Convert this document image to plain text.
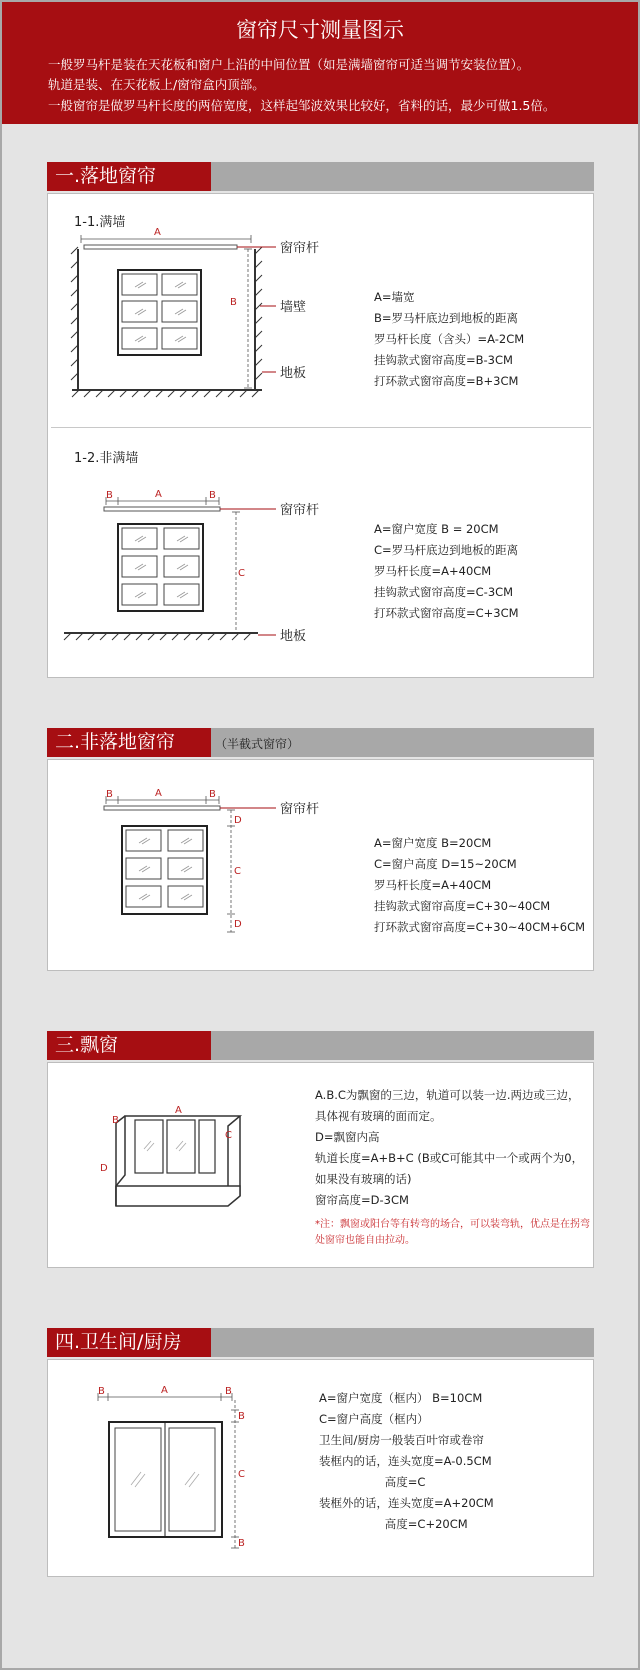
窗帘尺寸测量图示
一般罗马杆是装在天花板和窗户上沿的中间位置（如是满墙窗帘可适当调节安装位置）。
轨道是装、在天花板上/窗帘盒内顶部。
一般窗帘是做罗马杆长度的两倍宽度，这样起邹波效果比较好，省料的话，最少可做1.5倍。
一.落地窗帘
1-1.满墙
A
B
窗帘杆
墙壁
地板
A=墙宽
B=罗马杆底边到地板的距离
罗马杆长度（含头）=A-2CM
挂钩款式窗帘高度=B-3CM
打环款式窗帘高度=B+3CM
1-2.非满墙
B	A	B
C
窗帘杆
地板
A=窗户宽度 B = 20CM
C=罗马杆底边到地板的距离
罗马杆长度=A+40CM
挂钩款式窗帘高度=C-3CM
打环款式窗帘高度=C+3CM
二.非落地窗帘	（半截式窗帘）
B	A	B
D
C
D
窗帘杆
A=窗户宽度 B=20CM
C=窗户高度 D=15~20CM
罗马杆长度=A+40CM
挂钩款式窗帘高度=C+30~40CM
打环款式窗帘高度=C+30~40CM+6CM
三.飘窗
A
B
C
D
A.B.C为飘窗的三边，轨道可以装一边.两边或三边，
具体视有玻璃的面而定。
D=飘窗内高
轨道长度=A+B+C (B或C可能其中一个或两个为0，
如果没有玻璃的话)
窗帘高度=D-3CM
*注：飘窗或阳台等有转弯的场合，可以装弯轨，优点是在拐弯
处窗帘也能自由拉动。
四.卫生间/厨房
B	A	B
B
C
B
A=窗户宽度（框内） B=10CM
C=窗户高度（框内）
卫生间/厨房一般装百叶帘或卷帘
装框内的话，连头宽度=A-0.5CM
高度=C
装框外的话，连头宽度=A+20CM
高度=C+20CM
